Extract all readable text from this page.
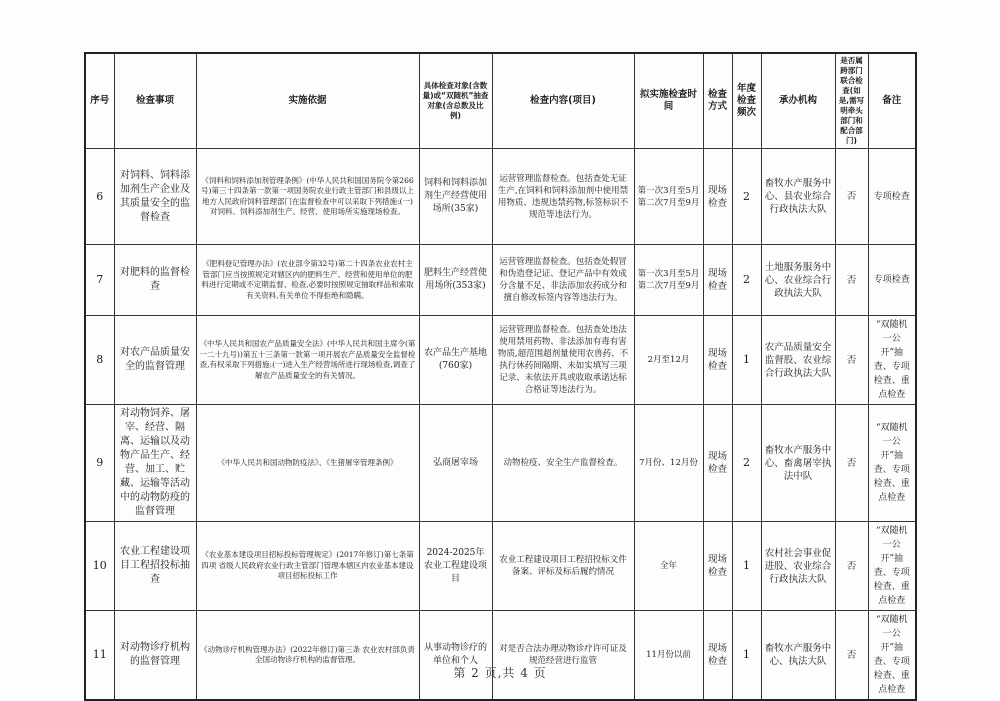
序号	检查事项	实施依据	具体检查对象(含数量)或“双随机”抽查对象(含总数及比例)	检查内容(项目)	拟实施检查时间	检查方式	年度检查频次	承办机构	是否属跨部门联合检查(如是,需写明牵头部门和配合部门)	备注
6	对饲料、饲料添加剂生产企业及其质量安全的监督检查	《饲料和饲料添加剂管理条例》(中华人民共和国国务院令第266号)第三十四条第一款第一项国务院农业行政主管部门和县级以上地方人民政府饲料管理部门在监督检查中可以采取下列措施:(一)对饲料、饲料添加剂生产、经营、使用场所实施现场检查。	饲料和饲料添加剂生产经营使用场所(35家)	运营管理监督检查。包括查处无证生产,在饲料和饲料添加剂中使用禁用物质、违规违禁药物,标签标识不规范等违法行为。	第一次3月至5月 第二次7月至9月	现场检查	2	畜牧水产服务中心、县农业综合行政执法大队	否	专项检查
7	对肥料的监督检查	《肥料登记管理办法》(农业部令第32号)第二十四条农业农村主管部门应当按照规定对辖区内的肥料生产、经营和使用单位的肥料进行定期或不定期监督、检查,必要时按照规定抽取样品和索取有关资料,有关单位不得拒绝和隐瞒。	肥料生产经营使用场所(353家)	运营管理监督检查。包括查处假冒和伪造登记证、登记产品中有效成分含量不足、非法添加农药成分和擅自修改标签内容等违法行为。	第一次3月至5月 第二次7月至9月	现场检查	2	土地服务服务中心、农业综合行政执法大队	否	专项检查
8	对农产品质量安全的监督管理	《中华人民共和国农产品质量安全法》(中华人民共和国主席令(第一二十九号))第五十三条第一款第一项开展农产品质量安全监督检查,有权采取下列措施:(一)进入生产经营场所进行现场检查,调查了解农产品质量安全的有关情况。	农产品生产基地(760家)	运营管理监督检查。包括查处违法使用禁用药物、非法添加有毒有害物质,超范围超剂量使用农兽药、不执行休药间隔期、未如实填写三项记录、未依法开具或收取承诺达标合格证等违法行为。	2月至12月	现场检查	1	农产品质量安全监督股、农业综合行政执法大队	否	“双随机一公开”抽查、专项检查、重点检查
9	对动物饲养、屠宰、经营、隔离、运输以及动物产品生产、经营、加工、贮藏、运输等活动中的动物防疫的监督管理	《中华人民共和国动物防疫法》、《生猪屠宰管理条例》	弘商屠宰场	动物检疫、安全生产监督检查。	7月份、12月份	现场检查	2	畜牧水产服务中心、畜禽屠宰执法中队	否	“双随机一公开”抽查、专项检查、重点检查
10	农业工程建设项目工程招投标抽查	《农业基本建设项目招标投标管理规定》(2017年修订)第七条第四项 省级人民政府农业行政主管部门管理本辖区内农业基本建设项目招标投标工作	2024-2025年农业工程建设项目	农业工程建设项目工程招投标文件备案、评标及标后履约情况	全年	现场检查	1	农村社会事业促进股、农业综合行政执法大队	否	“双随机一公开”抽查、专项检查、重点检查
11	对动物诊疗机构的监督管理	《动物诊疗机构管理办法》(2022年修订)第三条 农业农村部负责全国动物诊疗机构的监督管理。	从事动物诊疗的单位和个人	对是否合法办理动物诊疗许可证及规范经营进行监管	11月份以前	现场检查	1	畜牧水产服务中心、执法大队	否	“双随机一公开”抽查、专项检查、重点检查
第 2 页,共 4 页
